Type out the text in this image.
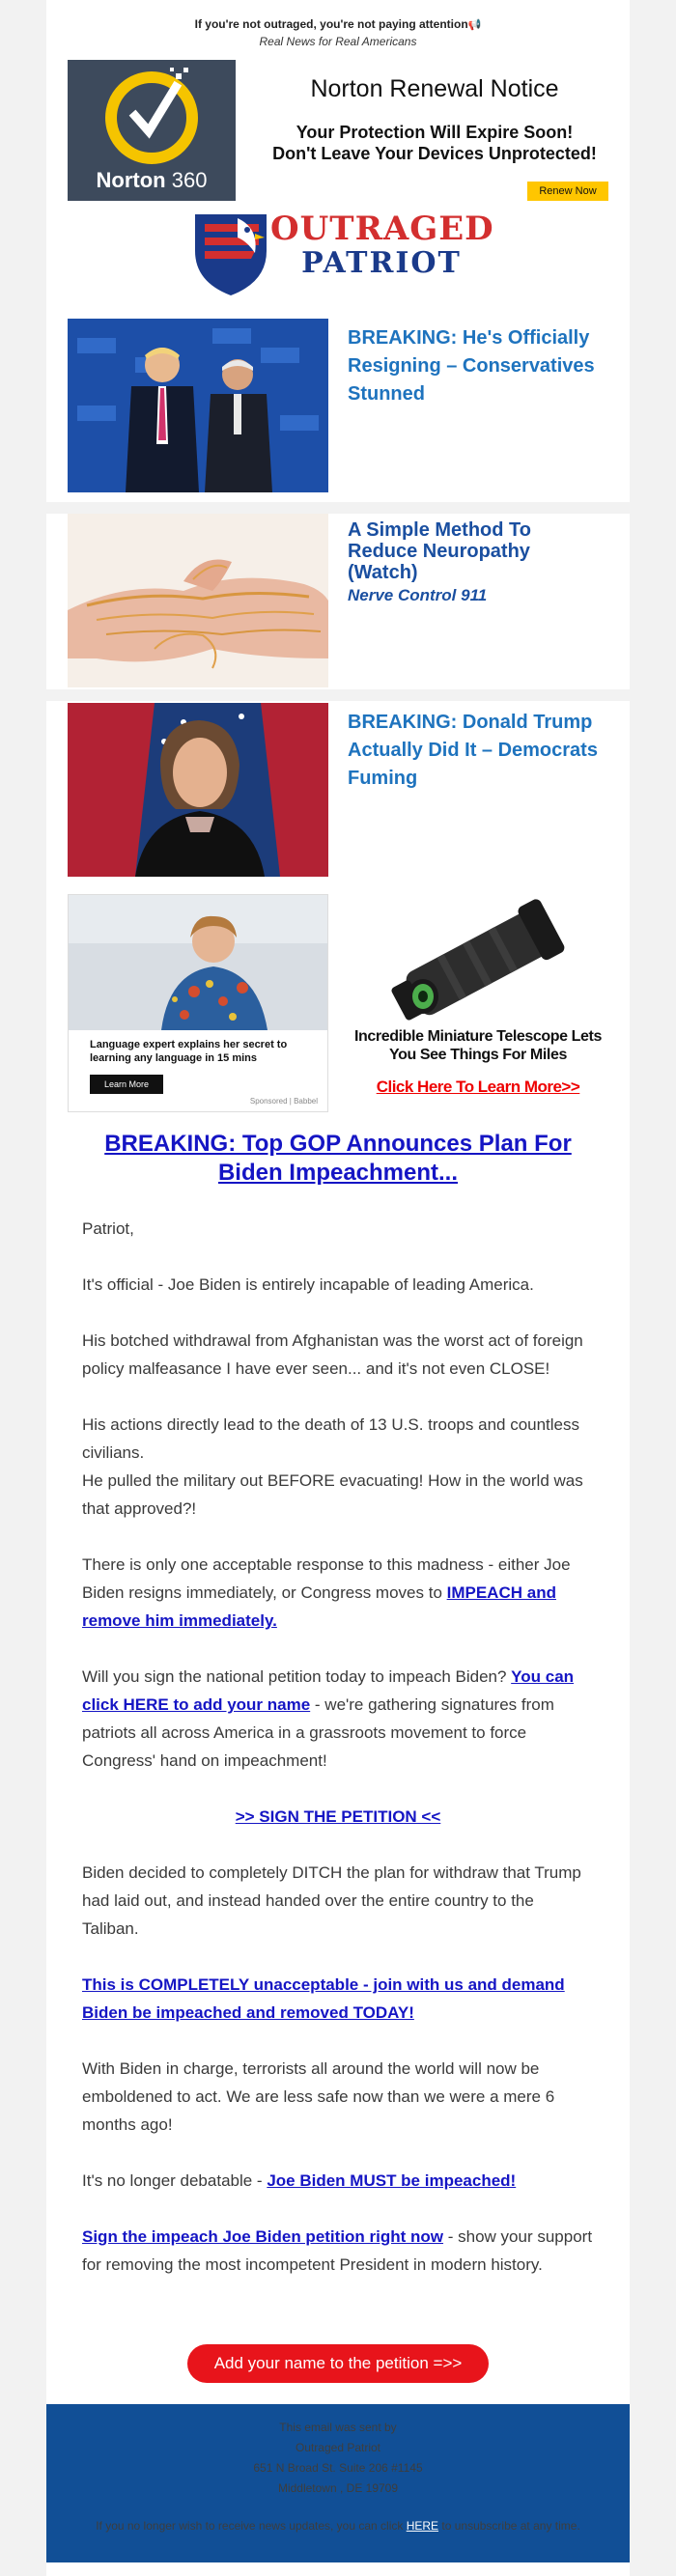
If you're not outraged, you're not paying attention📢
Real News for Real Americans
Norton 360
Norton Renewal Notice
Your Protection Will Expire Soon!
Don't Leave Your Devices Unprotected!
Renew Now
OUTRAGED
PATRIOT
BREAKING: He's Officially Resigning – Conservatives Stunned
A Simple Method To Reduce Neuropathy (Watch)
Nerve Control 911
BREAKING: Donald Trump Actually Did It – Democrats Fuming
Language expert explains her secret to learning any language in 15 mins
Learn More
Sponsored | Babbel
Incredible Miniature Telescope Lets You See Things For Miles
Click Here To Learn More>>
BREAKING: Top GOP Announces Plan For Biden Impeachment...

Patriot,

It's official - Joe Biden is entirely incapable of leading America.

His botched withdrawal from Afghanistan was the worst act of foreign policy malfeasance I have ever seen... and it's not even CLOSE!

His actions directly lead to the death of 13 U.S. troops and countless civilians.
He pulled the military out BEFORE evacuating! How in the world was that approved?!

There is only one acceptable response to this madness - either Joe Biden resigns immediately, or Congress moves to IMPEACH and remove him immediately.

Will you sign the national petition today to impeach Biden? You can click HERE to add your name - we're gathering signatures from patriots all across America in a grassroots movement to force Congress' hand on impeachment!

>> SIGN THE PETITION <<

Biden decided to completely DITCH the plan for withdraw that Trump had laid out, and instead handed over the entire country to the Taliban.

This is COMPLETELY unacceptable - join with us and demand Biden be impeached and removed TODAY!

With Biden in charge, terrorists all around the world will now be emboldened to act. We are less safe now than we were a mere 6 months ago!

It's no longer debatable - Joe Biden MUST be impeached!

Sign the impeach Joe Biden petition right now - show your support for removing the most incompetent President in modern history.

Add your name to the petition =>>
This email was sent by
Outraged Patriot
651 N Broad St. Suite 206 #1145
Middletown , DE 19709
If you no longer wish to receive news updates, you can click HERE to unsubscribe at any time.
